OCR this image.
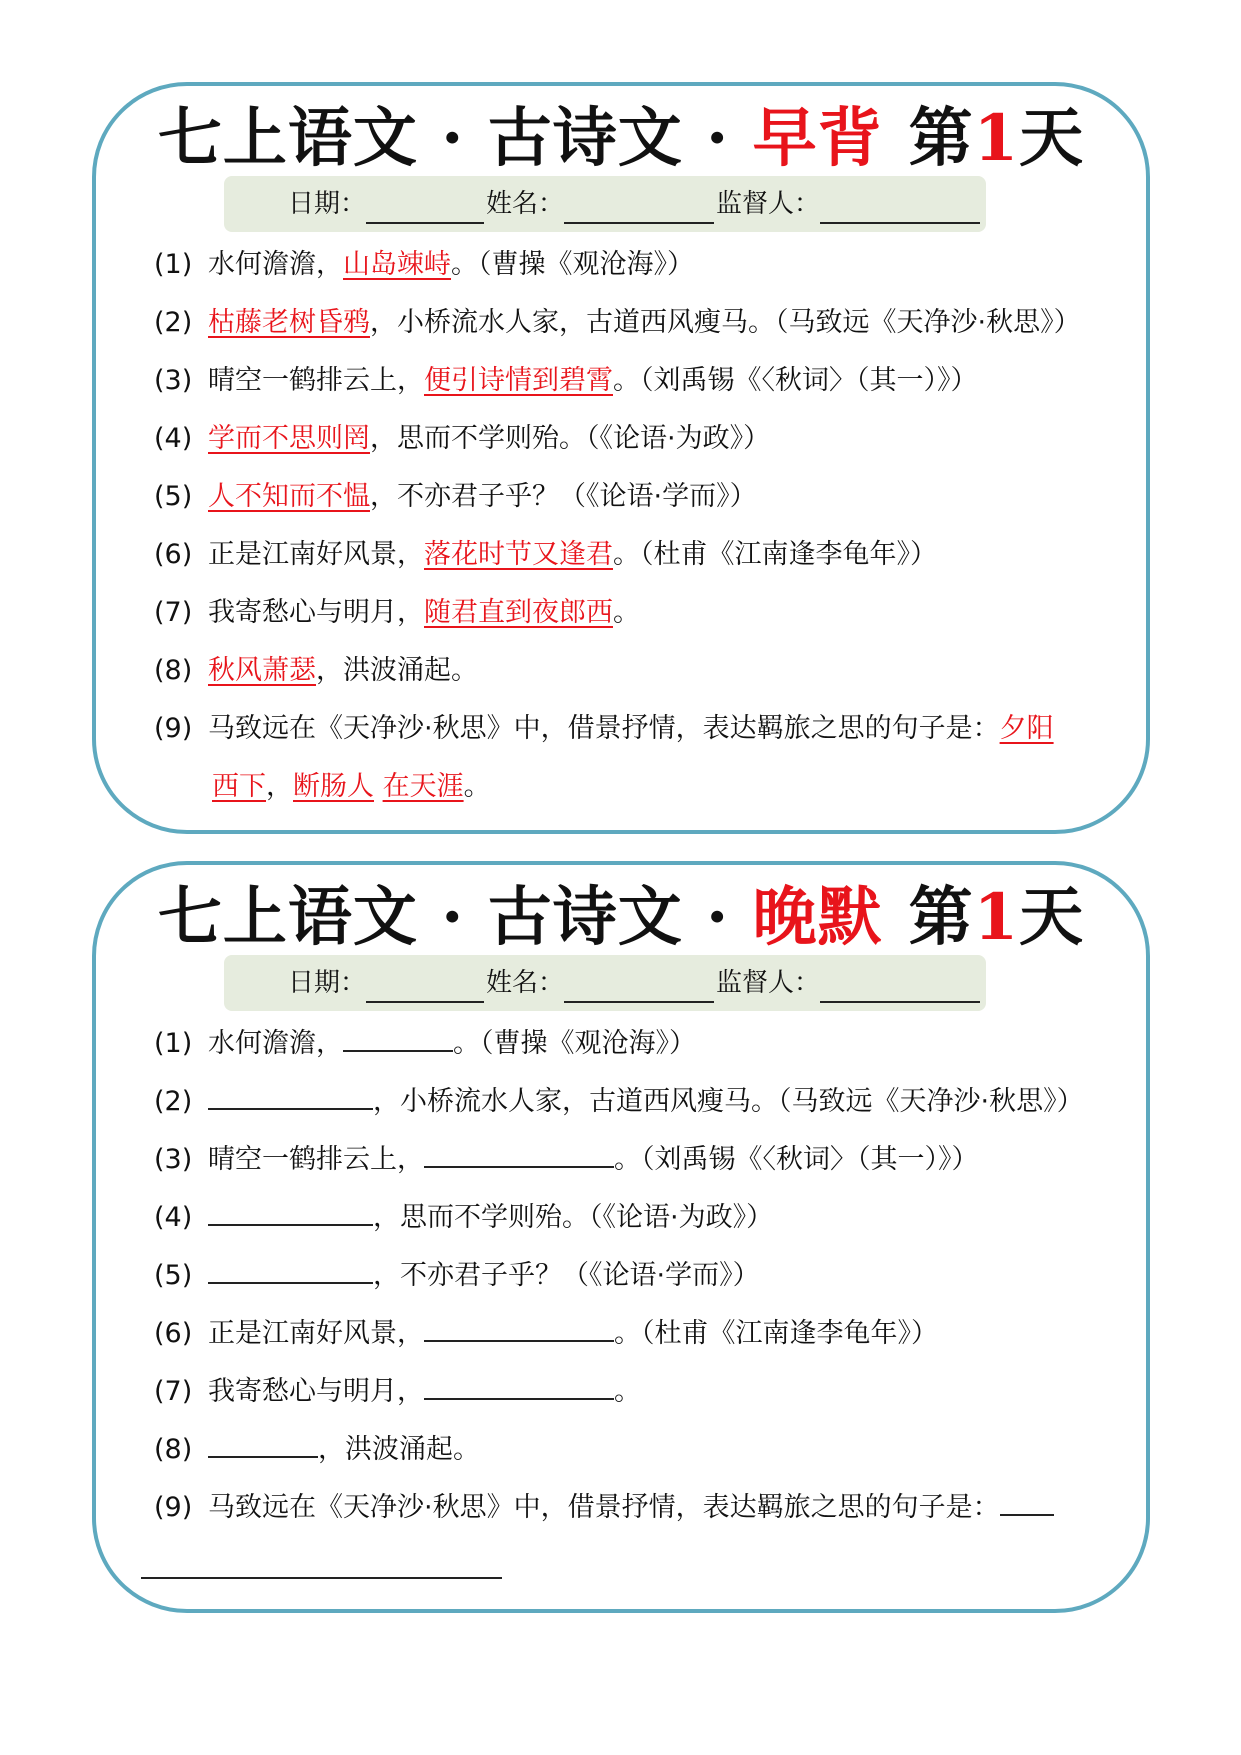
七上语文 · 古诗文 · 早背 第1天
日期：	姓名：	监督人：
(1) 水何澹澹，山岛竦峙。（曹操《观沧海》）
(2) 枯藤老树昏鸦，小桥流水人家，古道西风瘦马。（马致远《天净沙·秋思》）
(3) 晴空一鹤排云上，便引诗情到碧霄。（刘禹锡《〈秋词〉（其一）》）
(4) 学而不思则罔，思而不学则殆。（《论语·为政》）
(5) 人不知而不愠，不亦君子乎？（《论语·学而》）
(6) 正是江南好风景，落花时节又逢君。（杜甫《江南逢李龟年》）
(7) 我寄愁心与明月，随君直到夜郎西。
(8) 秋风萧瑟，洪波涌起。
(9) 马致远在《天净沙·秋思》中，借景抒情，表达羁旅之思的句子是：夕阳
西下，断肠人 在天涯。
七上语文 · 古诗文 · 晚默 第1天
日期：	姓名：	监督人：
(1) 水何澹澹，	。（曹操《观沧海》）
(2)	，小桥流水人家，古道西风瘦马。（马致远《天净沙·秋思》）
(3) 晴空一鹤排云上，	。（刘禹锡《〈秋词〉（其一）》）
(4)	，思而不学则殆。（《论语·为政》）
(5)	，不亦君子乎？（《论语·学而》）
(6) 正是江南好风景，	。（杜甫《江南逢李龟年》）
(7) 我寄愁心与明月，	。
(8)	，洪波涌起。
(9) 马致远在《天净沙·秋思》中，借景抒情，表达羁旅之思的句子是：
